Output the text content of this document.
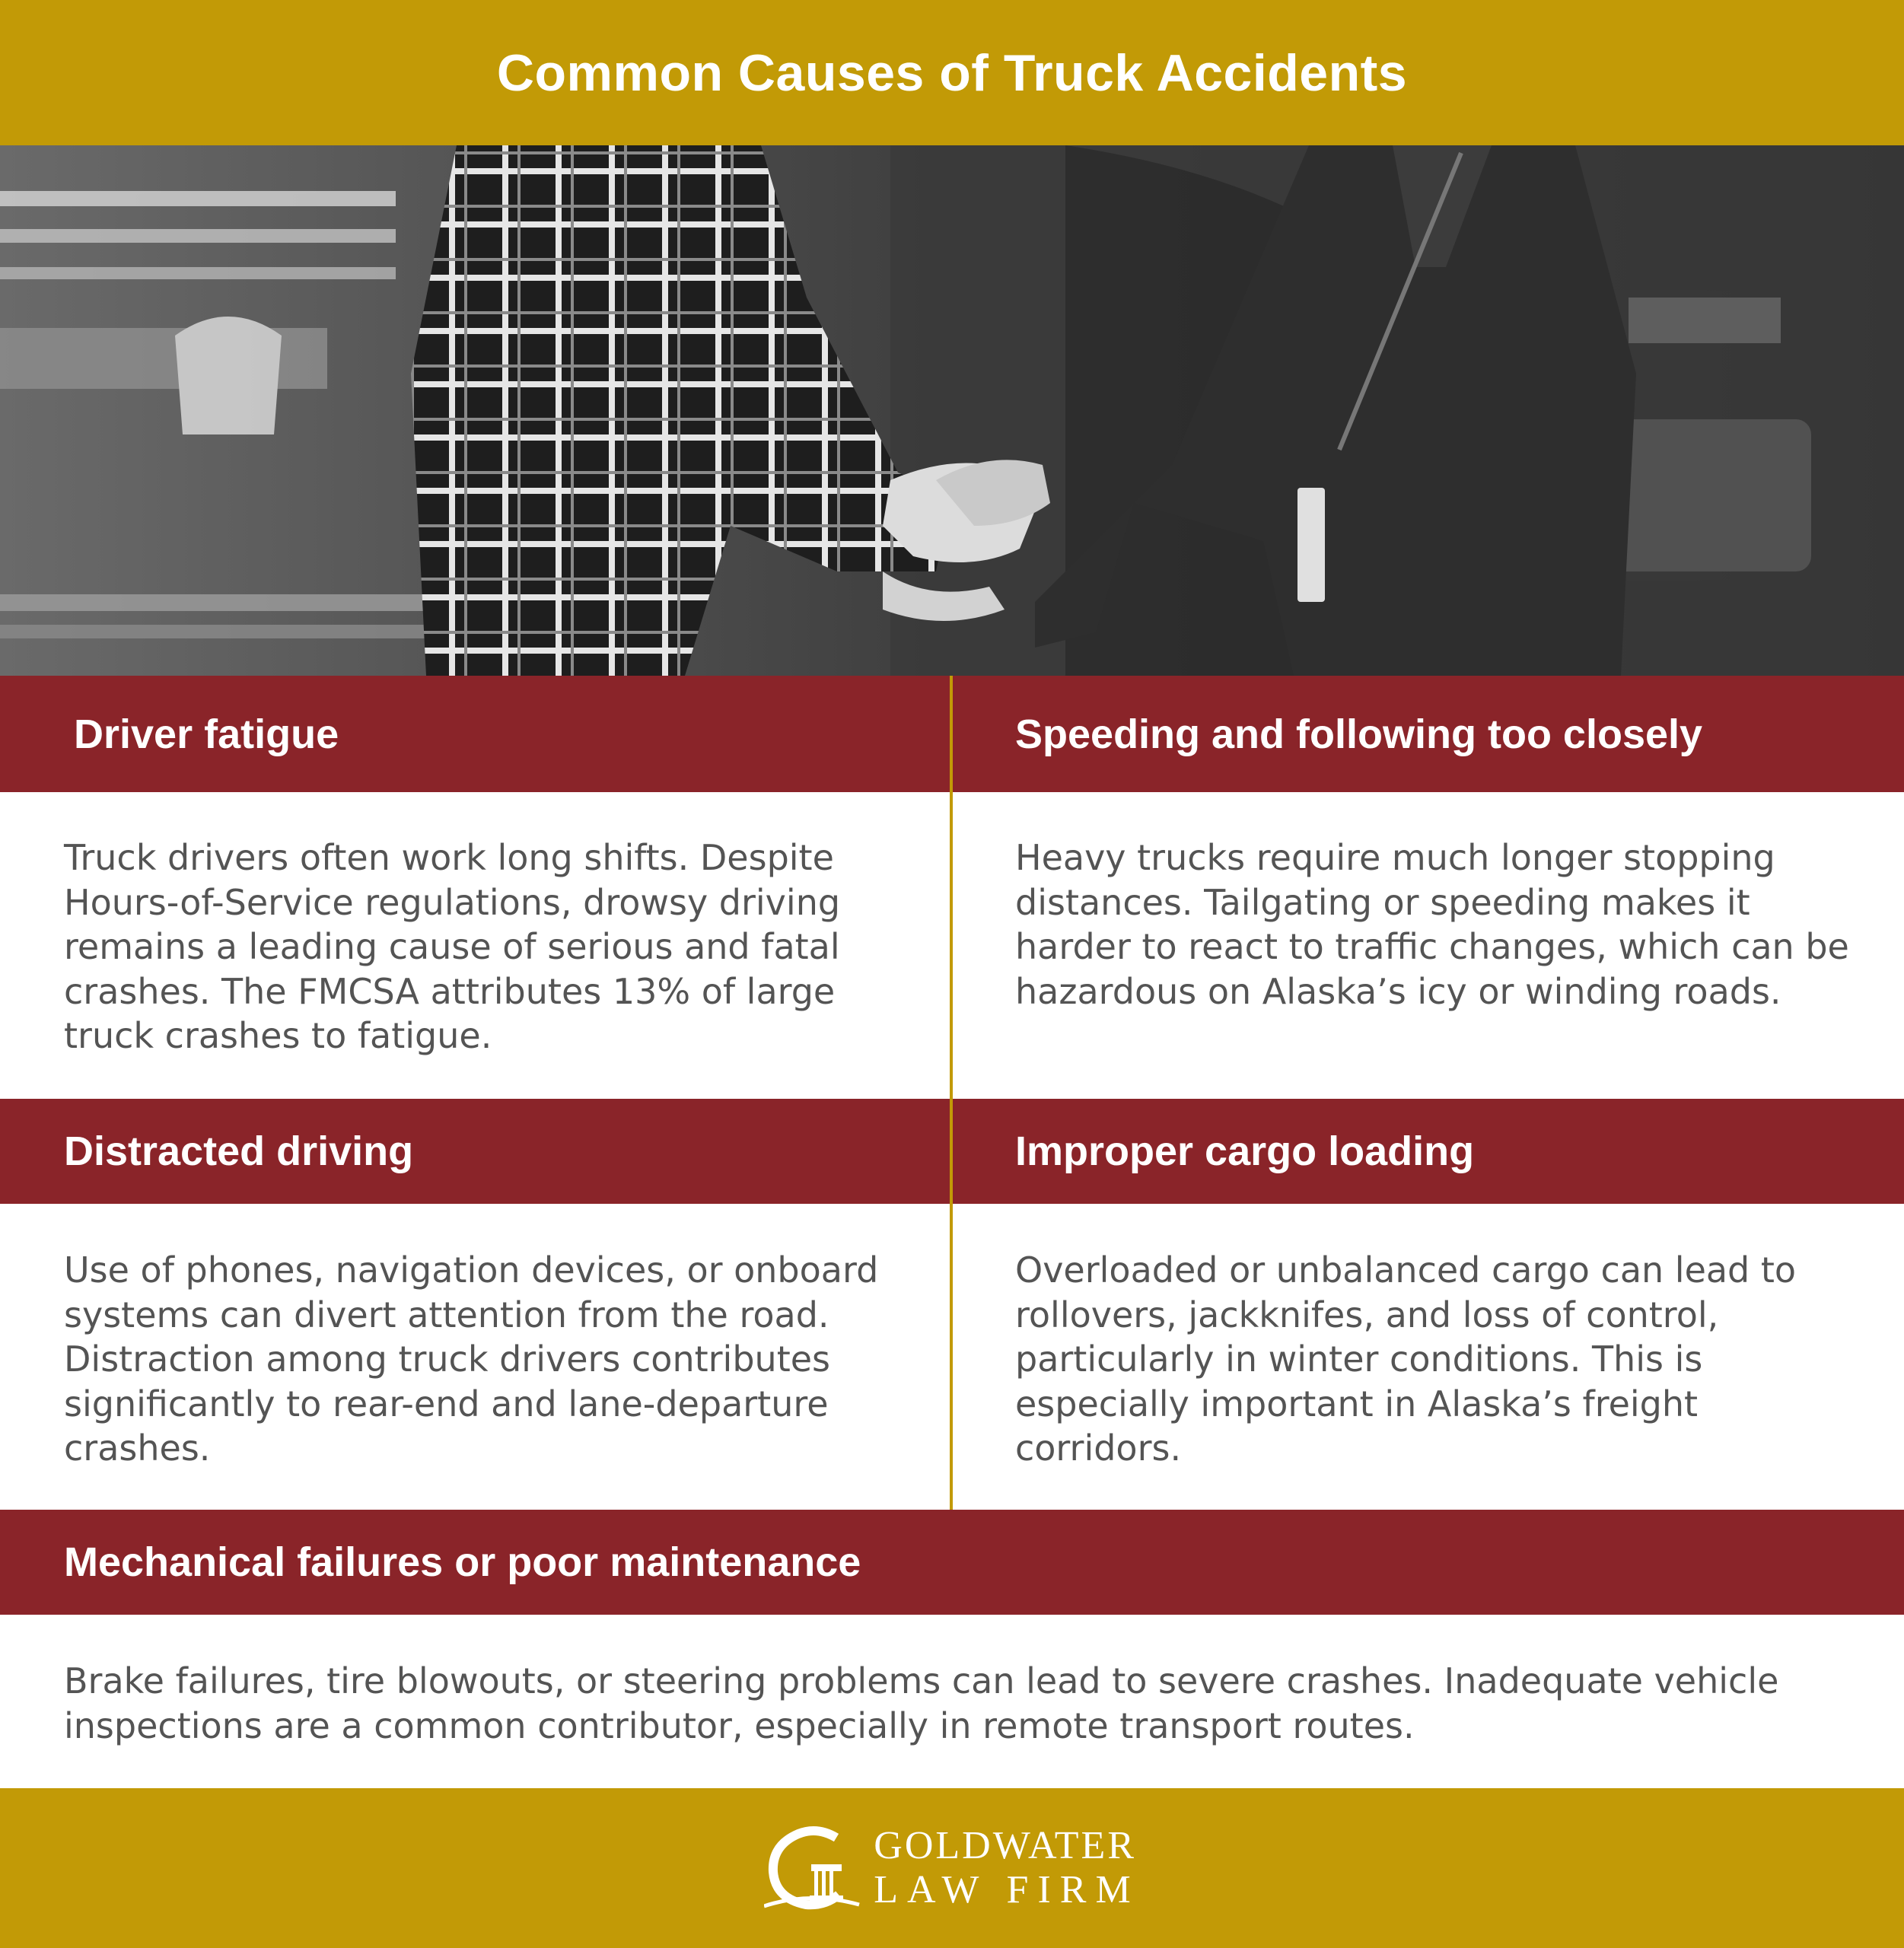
Common Causes of Truck Accidents
Driver fatigue

Truck drivers often work long shifts. Despite Hours-of-Service regulations, drowsy driving remains a leading cause of serious and fatal crashes. The FMCSA attributes 13% of large truck crashes to fatigue.

Speeding and following too closely

Heavy trucks require much longer stopping distances. Tailgating or speeding makes it harder to react to traffic changes, which can be hazardous on Alaska’s icy or winding roads.

Distracted driving

Use of phones, navigation devices, or onboard systems can divert attention from the road. Distraction among truck drivers contributes significantly to rear-end and lane-departure crashes.

Improper cargo loading

Overloaded or unbalanced cargo can lead to rollovers, jackknifes, and loss of control, particularly in winter conditions. This is especially important in Alaska’s freight corridors.

Mechanical failures or poor maintenance

Brake failures, tire blowouts, or steering problems can lead to severe crashes. Inadequate vehicle inspections are a common contributor, especially in remote transport routes.

GOLDWATER
LAW FIRM
